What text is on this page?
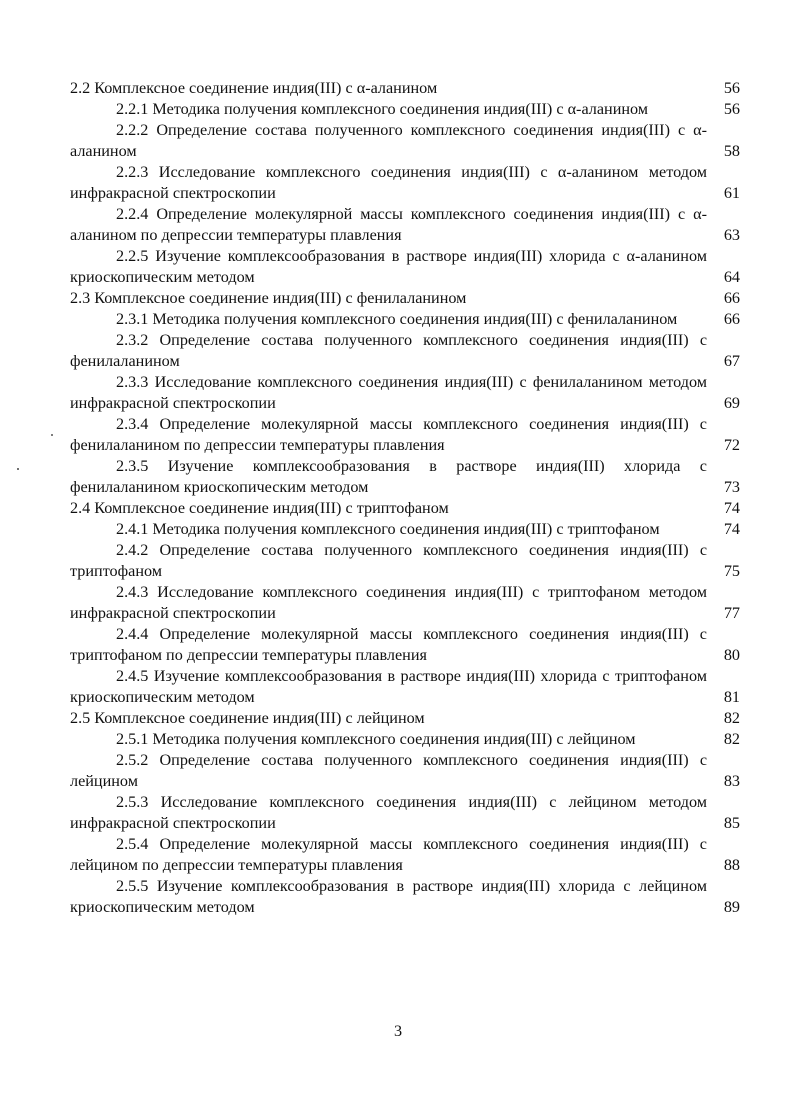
2.2 Комплексное соединение индия(III) с α-аланином	56
2.2.1 Методика получения комплексного соединения индия(III) с α-аланином	56
2.2.2 Определение состава полученного комплексного соединения индия(III) с α-аланином	58
2.2.3 Исследование комплексного соединения индия(III) с α-аланином методом инфракрасной спектроскопии	61
2.2.4 Определение молекулярной массы комплексного соединения индия(III) с α-аланином по депрессии температуры плавления	63
2.2.5 Изучение комплексообразования в растворе индия(III) хлорида с α-аланином криоскопическим методом	64
2.3 Комплексное соединение индия(III) с фенилаланином	66
2.3.1 Методика получения комплексного соединения индия(III) с фенилаланином	66
2.3.2 Определение состава полученного комплексного соединения индия(III) с фенилаланином	67
2.3.3 Исследование комплексного соединения индия(III) с фенилаланином методом инфракрасной спектроскопии	69
2.3.4 Определение молекулярной массы комплексного соединения индия(III) с фенилаланином по депрессии температуры плавления	72
2.3.5 Изучение комплексообразования в растворе индия(III) хлорида с фенилаланином криоскопическим методом	73
2.4 Комплексное соединение индия(III) с триптофаном	74
2.4.1 Методика получения комплексного соединения индия(III) с триптофаном	74
2.4.2 Определение состава полученного комплексного соединения индия(III) с триптофаном	75
2.4.3 Исследование комплексного соединения индия(III) с триптофаном методом инфракрасной спектроскопии	77
2.4.4 Определение молекулярной массы комплексного соединения индия(III) с триптофаном по депрессии температуры плавления	80
2.4.5 Изучение комплексообразования в растворе индия(III) хлорида с триптофаном криоскопическим методом	81
2.5 Комплексное соединение индия(III) с лейцином	82
2.5.1 Методика получения комплексного соединения индия(III) с лейцином	82
2.5.2 Определение состава полученного комплексного соединения индия(III) с лейцином	83
2.5.3 Исследование комплексного соединения индия(III) с лейцином методом инфракрасной спектроскопии	85
2.5.4 Определение молекулярной массы комплексного соединения индия(III) с лейцином по депрессии температуры плавления	88
2.5.5 Изучение комплексообразования в растворе индия(III) хлорида с лейцином криоскопическим методом	89
3
